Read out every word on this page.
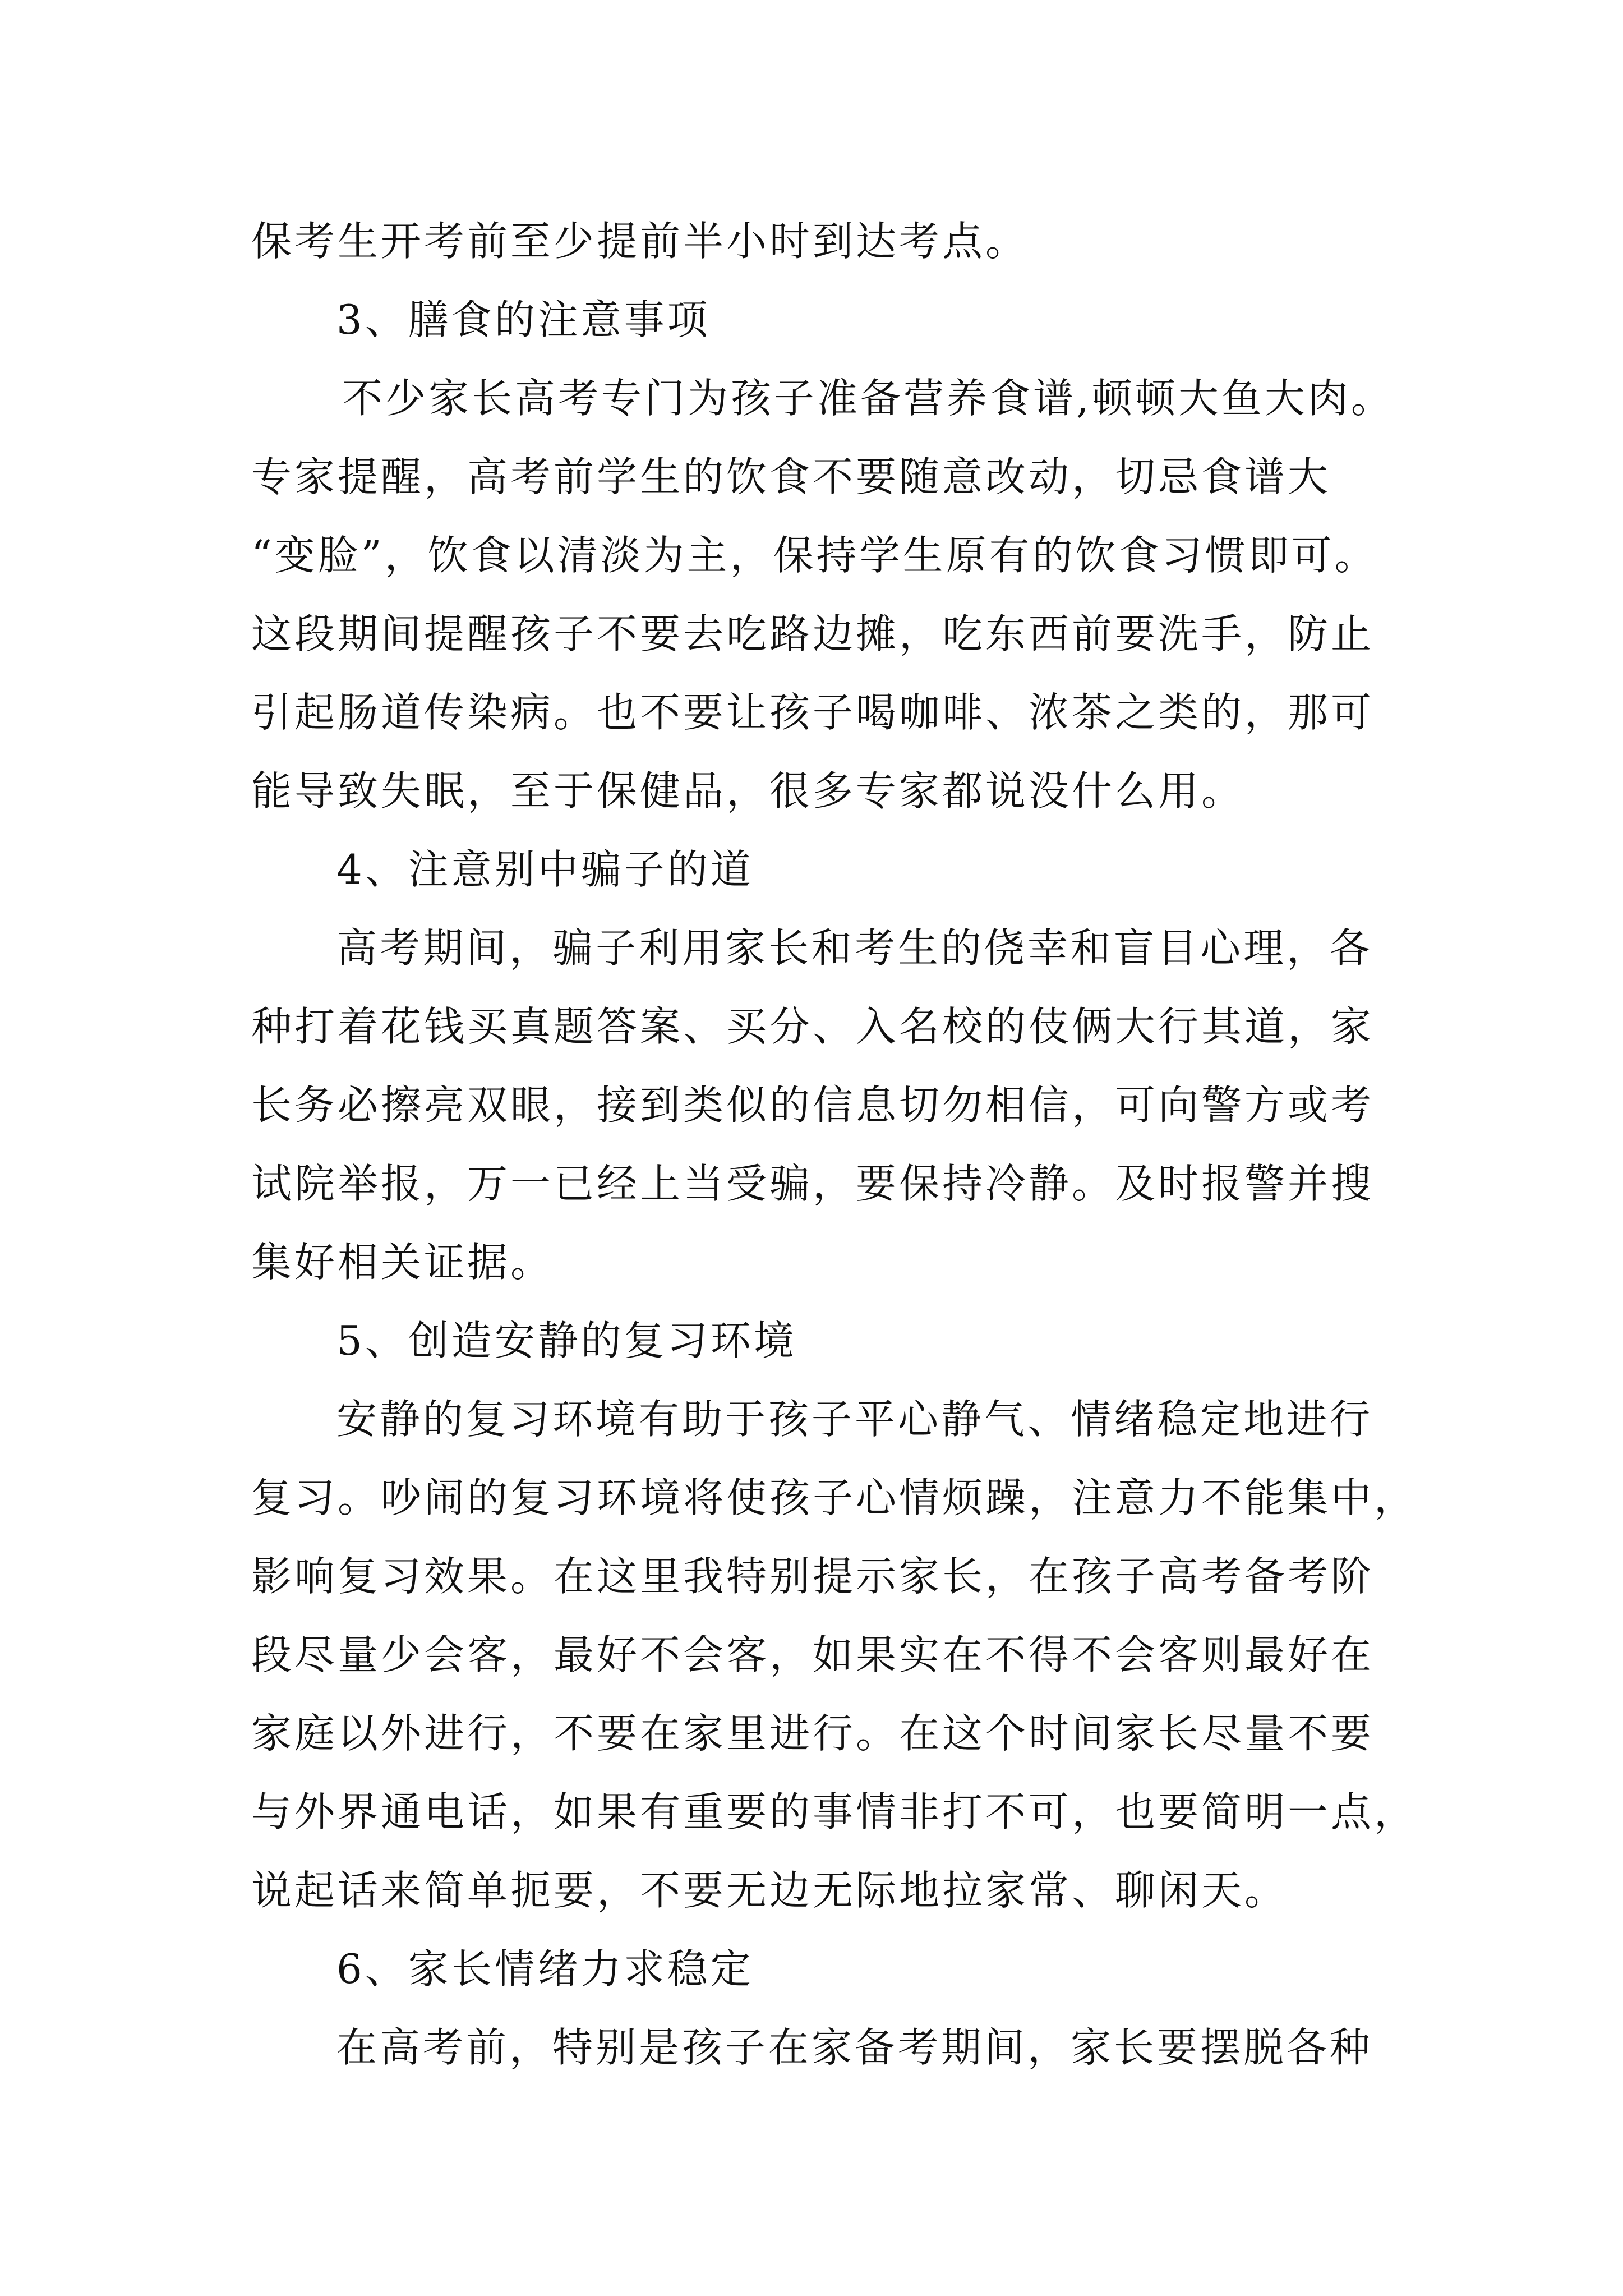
保考生开考前至少提前半小时到达考点。
3、膳食的注意事项
不少家长高考专门为孩子准备营养食谱,顿顿大鱼大肉。
专家提醒，高考前学生的饮食不要随意改动，切忌食谱大
“变脸”，饮食以清淡为主，保持学生原有的饮食习惯即可。
这段期间提醒孩子不要去吃路边摊，吃东西前要洗手，防止
引起肠道传染病。也不要让孩子喝咖啡、浓茶之类的，那可
能导致失眠，至于保健品，很多专家都说没什么用。
4、注意别中骗子的道
高考期间，骗子利用家长和考生的侥幸和盲目心理，各
种打着花钱买真题答案、买分、入名校的伎俩大行其道，家
长务必擦亮双眼，接到类似的信息切勿相信，可向警方或考
试院举报，万一已经上当受骗，要保持冷静。及时报警并搜
集好相关证据。
5、创造安静的复习环境
安静的复习环境有助于孩子平心静气、情绪稳定地进行
复习。吵闹的复习环境将使孩子心情烦躁，注意力不能集中，
影响复习效果。在这里我特别提示家长，在孩子高考备考阶
段尽量少会客，最好不会客，如果实在不得不会客则最好在
家庭以外进行，不要在家里进行。在这个时间家长尽量不要
与外界通电话，如果有重要的事情非打不可，也要简明一点，
说起话来简单扼要，不要无边无际地拉家常、聊闲天。
6、家长情绪力求稳定
在高考前，特别是孩子在家备考期间，家长要摆脱各种
